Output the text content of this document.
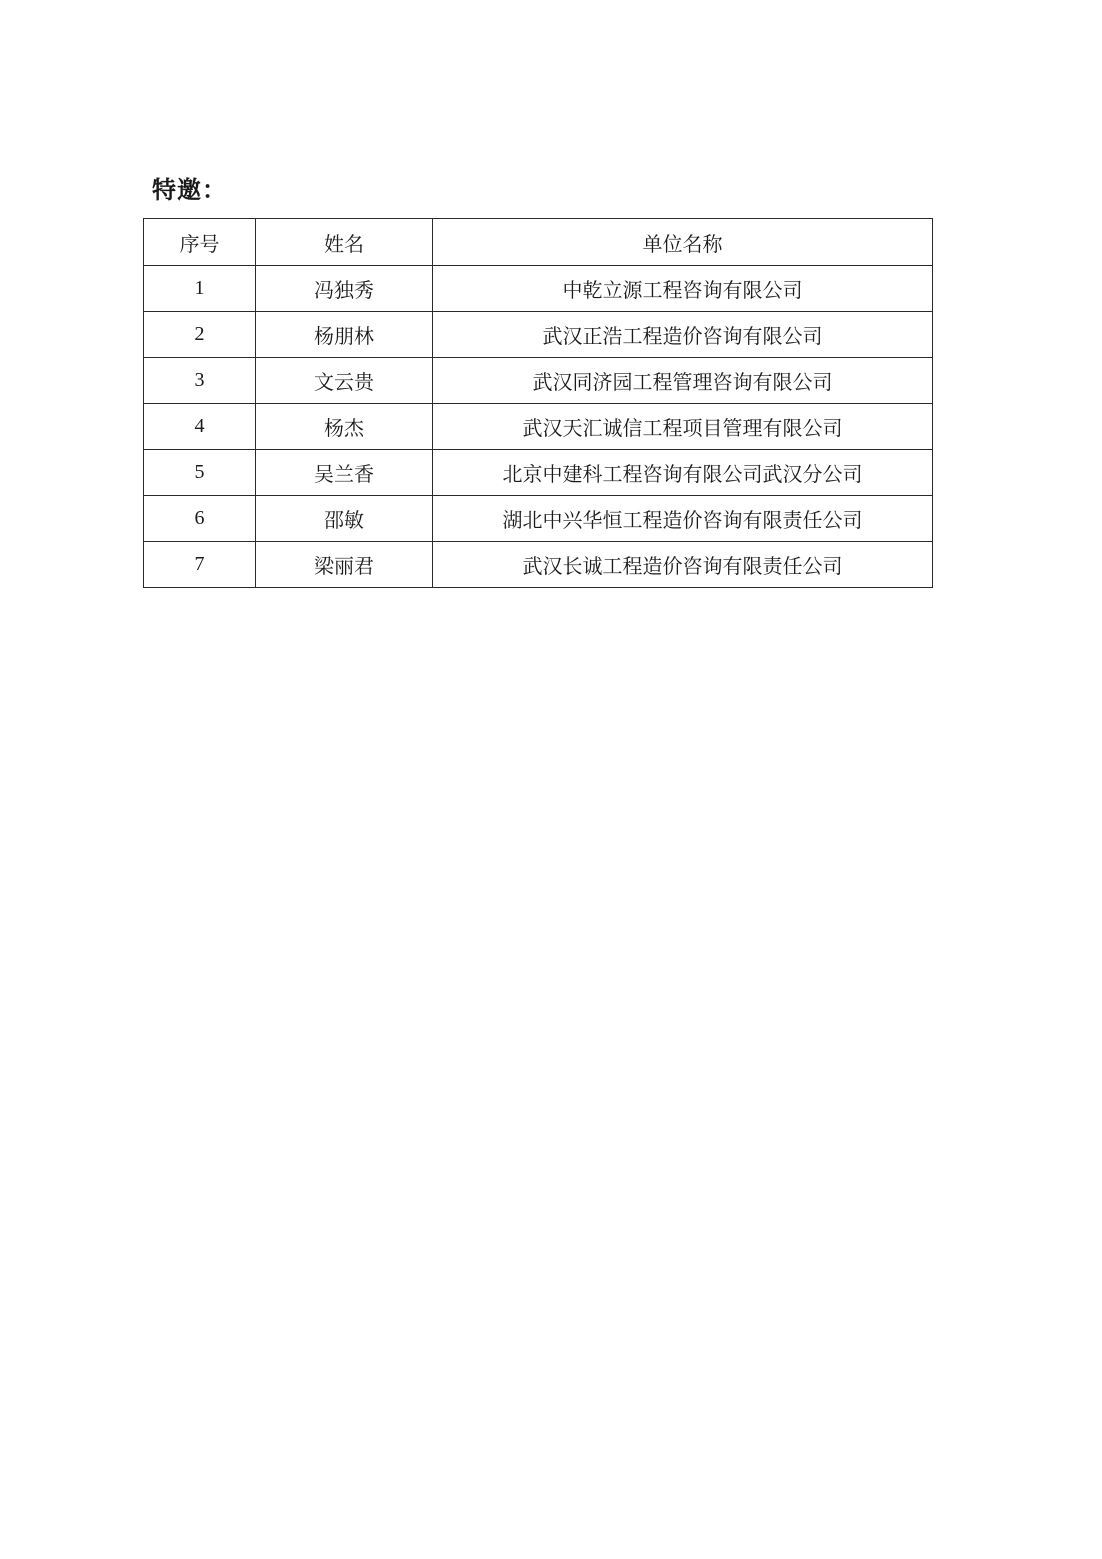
特邀：
序号	姓名	单位名称
1	冯独秀	中乾立源工程咨询有限公司
2	杨朋林	武汉正浩工程造价咨询有限公司
3	文云贵	武汉同济园工程管理咨询有限公司
4	杨杰	武汉天汇诚信工程项目管理有限公司
5	吴兰香	北京中建科工程咨询有限公司武汉分公司
6	邵敏	湖北中兴华恒工程造价咨询有限责任公司
7	梁丽君	武汉长诚工程造价咨询有限责任公司
